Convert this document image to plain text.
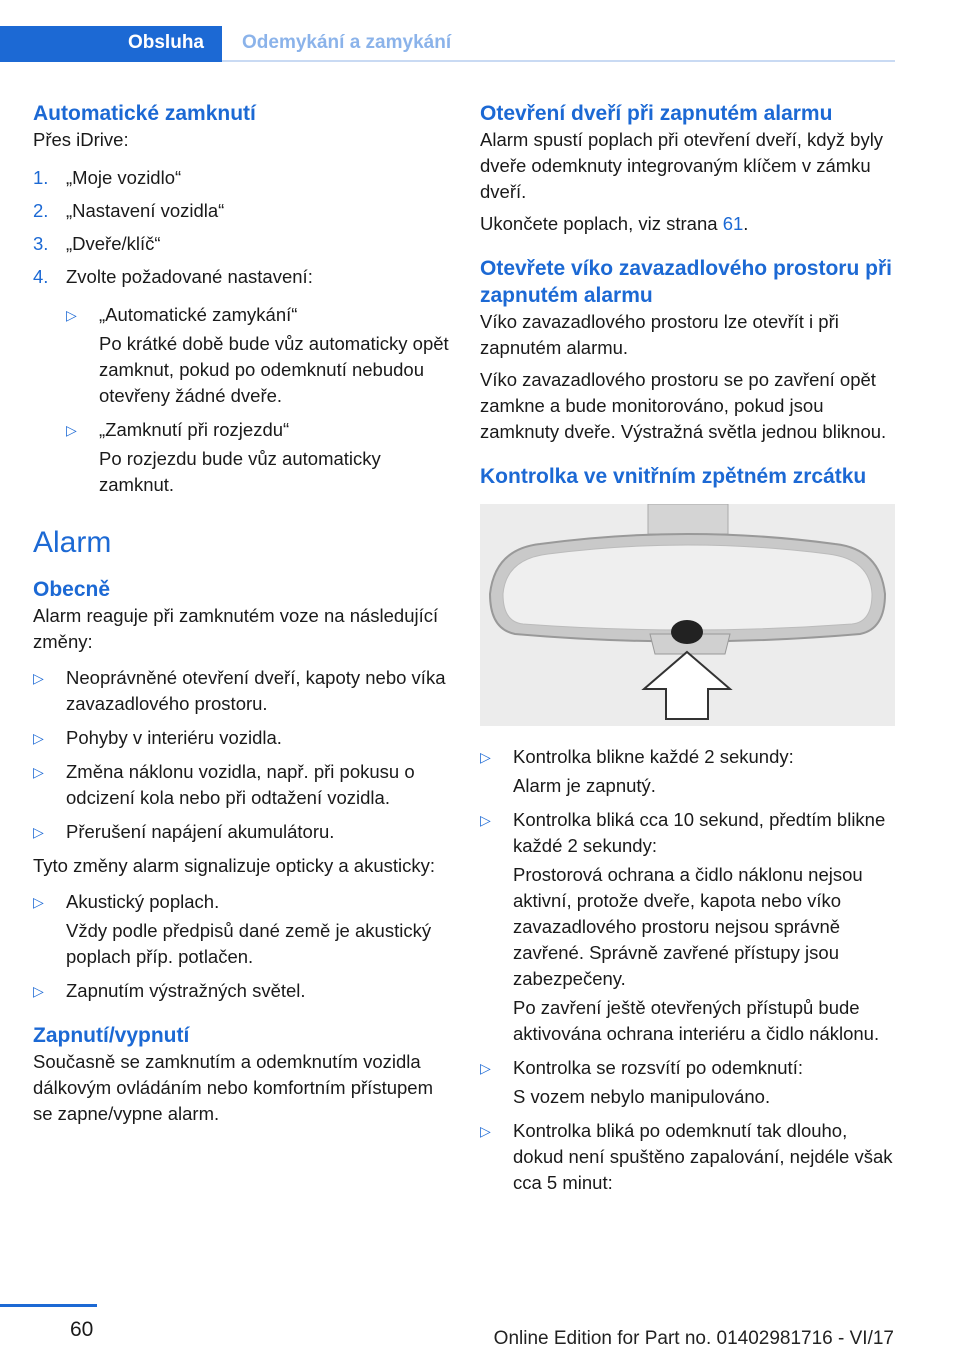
Obsluha Odemykání a zamykání
Automatické zamknutí

Přes iDrive:

1. „Moje vozidlo“
2. „Nastavení vozidla“
3. „Dveře/klíč“
4. Zvolte požadované nastavení:
▷ „Automatické zamykání“
Po krátké době bude vůz automaticky opět zamknut, pokud po odemknutí nebudou otevřeny žádné dveře.
▷ „Zamknutí při rozjezdu“
Po rozjezdu bude vůz automaticky zamknut.
Alarm
Obecně

Alarm reaguje při zamknutém voze na následující změny:

▷ Neoprávněné otevření dveří, kapoty nebo víka zavazadlového prostoru.
▷ Pohyby v interiéru vozidla.
▷ Změna náklonu vozidla, např. při pokusu o odcizení kola nebo při odtažení vozidla.
▷ Přerušení napájení akumulátoru.

Tyto změny alarm signalizuje opticky a akusticky:

▷ Akustický poplach.
Vždy podle předpisů dané země je akustický poplach příp. potlačen.
▷ Zapnutím výstražných světel.
Zapnutí/vypnutí

Současně se zamknutím a odemknutím vozidla dálkovým ovládáním nebo komfortním přístupem se zapne/vypne alarm.

Otevření dveří při zapnutém alarmu

Alarm spustí poplach při otevření dveří, když byly dveře odemknuty integrovaným klíčem v zámku dveří.

Ukončete poplach, viz strana 61.

Otevřete víko zavazadlového prostoru při zapnutém alarmu

Víko zavazadlového prostoru lze otevřít i při zapnutém alarmu.

Víko zavazadlového prostoru se po zavření opět zamkne a bude monitorováno, pokud jsou zamknuty dveře. Výstražná světla jednou bliknou.

Kontrolka ve vnitřním zpětném zrcátku
▷ Kontrolka blikne každé 2 sekundy:
Alarm je zapnutý.
▷ Kontrolka bliká cca 10 sekund, předtím blikne každé 2 sekundy:
Prostorová ochrana a čidlo náklonu nejsou aktivní, protože dveře, kapota nebo víko zavazadlového prostoru nejsou správně zavřené. Správně zavřené přístupy jsou zabezpečeny.
Po zavření ještě otevřených přístupů bude aktivována ochrana interiéru a čidlo náklonu.
▷ Kontrolka se rozsvítí po odemknutí:
S vozem nebylo manipulováno.
▷ Kontrolka bliká po odemknutí tak dlouho, dokud není spuštěno zapalování, nejdéle však cca 5 minut:
60	Online Edition for Part no. 01402981716 - VI/17
